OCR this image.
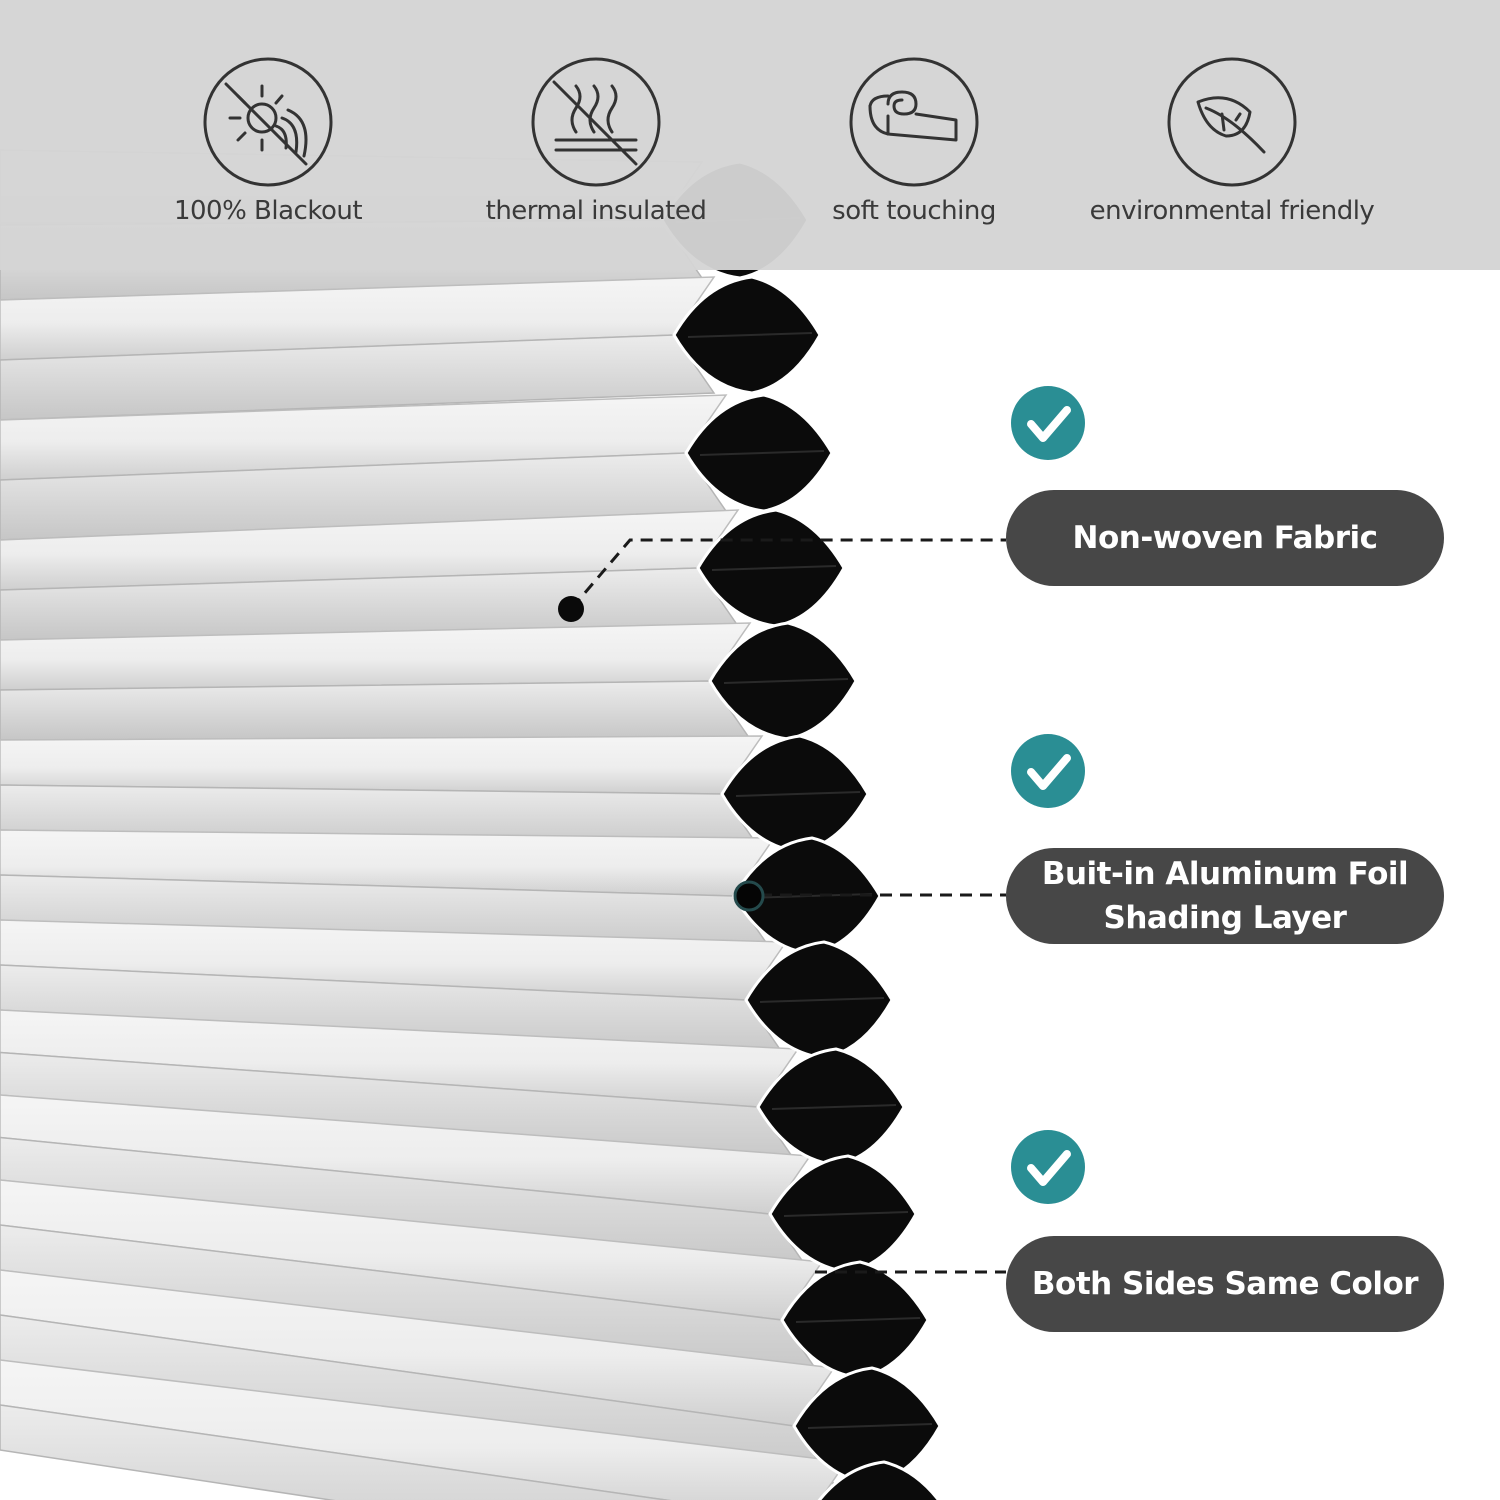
100% Blackout	thermal insulated	soft touching	environmental friendly
Non-woven Fabric
Buit-in Aluminum Foil
Shading Layer
Both Sides Same Color
